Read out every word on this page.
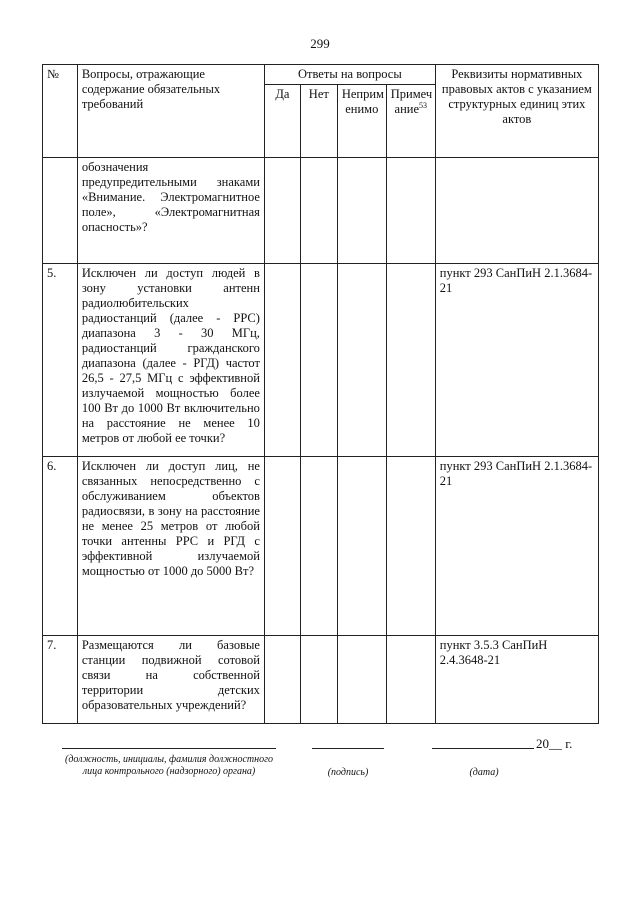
299
№	Вопросы, отражающие содержание обязательных требований	Ответы на вопросы				Реквизиты нормативных правовых актов с указанием структурных единиц этих актов
		Да	Нет	Неприм енимо	Примеч ание$^{53}$
	обозначения предупредительными знаками «Внимание. Электромагнитное поле», «Электромагнитная опасность»?					
5.	Исключен ли доступ людей в зону установки антенн радиолюбительских радиостанций (далее - РРС) диапазона 3 - 30 МГц, радиостанций гражданского диапазона (далее - РГД) частот 26,5 - 27,5 МГц с эффективной излучаемой мощностью более 100 Вт до 1000 Вт включительно на расстояние не менее 10 метров от любой ее точки?					пункт 293 СанПиН 2.1.3684-21
6.	Исключен ли доступ лиц, не связанных непосредственно с обслуживанием объектов радиосвязи, в зону на расстояние не менее 25 метров от любой точки антенны РРС и РГД с эффективной излучаемой мощностью от 1000 до 5000 Вт?					пункт 293 СанПиН 2.1.3684-21
7.	Размещаются ли базовые станции подвижной сотовой связи на собственной территории детских образовательных учреждений?					пункт 3.5.3 СанПиН 2.4.3648-21
(должность, инициалы, фамилия должностного лица контрольного (надзорного) органа)	(подпись)
20__ г.
(дата)
